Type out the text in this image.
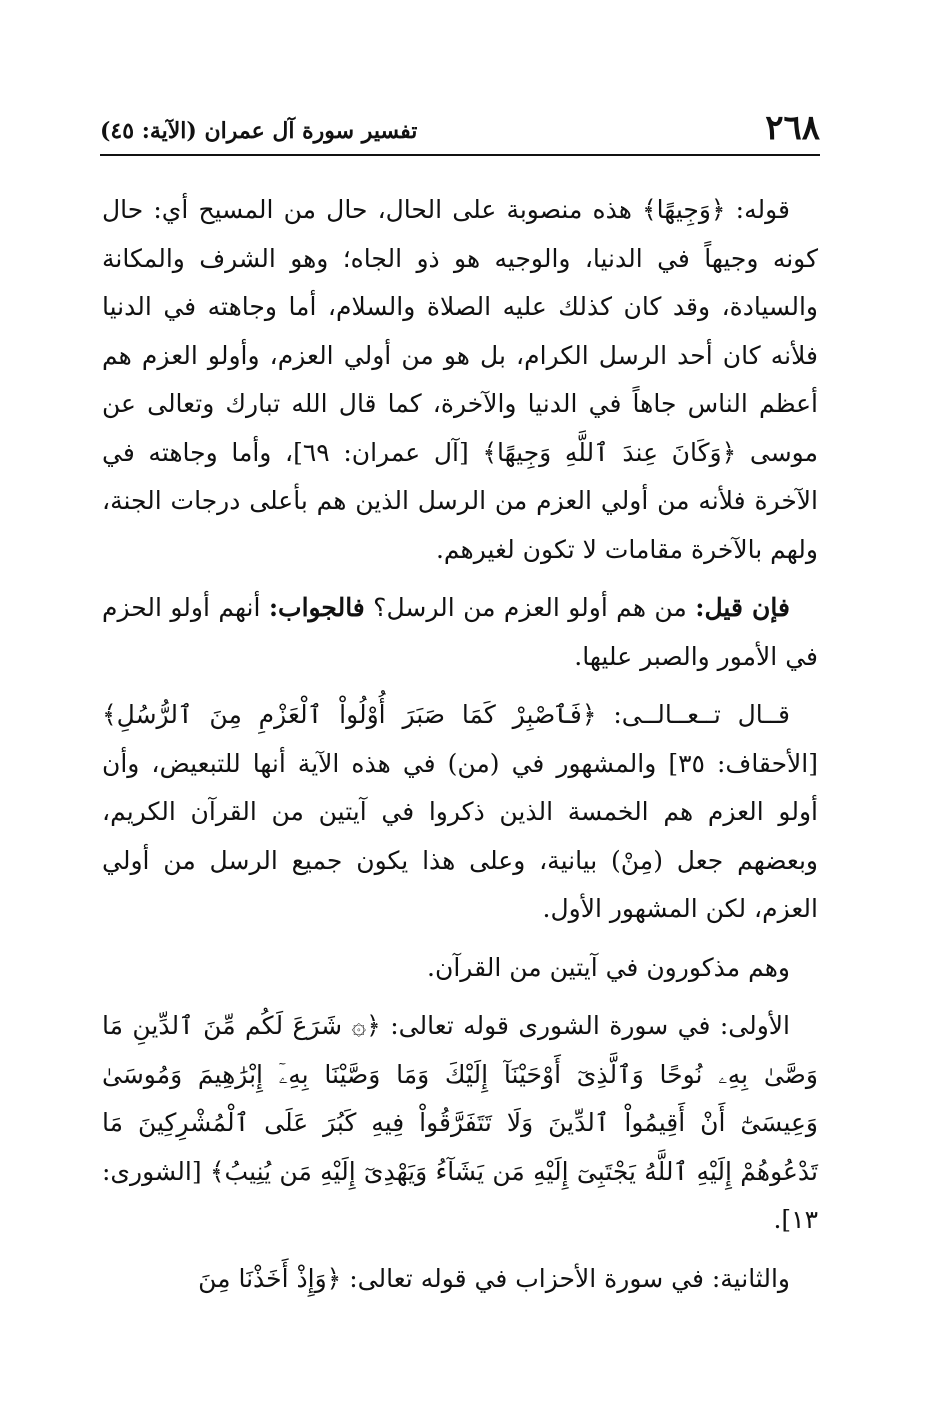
٢٦٨
تفسير سورة آل عمران (الآية: ٤٥)

قوله: ﴿وَجِيهًا﴾ هذه منصوبة على الحال، حال من المسيح أي: حال كونه وجيهاً في الدنيا، والوجيه هو ذو الجاه؛ وهو الشرف والمكانة والسيادة، وقد كان كذلك عليه الصلاة والسلام، أما وجاهته في الدنيا فلأنه كان أحد الرسل الكرام، بل هو من أولي العزم، وأولو العزم هم أعظم الناس جاهاً في الدنيا والآخرة، كما قال الله تبارك وتعالى عن موسى ﴿وَكَانَ عِندَ ٱللَّهِ وَجِيهًا﴾ [آل عمران: ٦٩]، وأما وجاهته في الآخرة فلأنه من أولي العزم من الرسل الذين هم بأعلى درجات الجنة، ولهم بالآخرة مقامات لا تكون لغيرهم.

فإن قيل: من هم أولو العزم من الرسل؟ فالجواب: أنهم أولو الحزم في الأمور والصبر عليها.

قــال تــعــالــى: ﴿فَٱصْبِرْ كَمَا صَبَرَ أُوْلُواْ ٱلْعَزْمِ مِنَ ٱلرُّسُلِ﴾ [الأحقاف: ٣٥] والمشهور في (من) في هذه الآية أنها للتبعيض، وأن أولو العزم هم الخمسة الذين ذكروا في آيتين من القرآن الكريم، وبعضهم جعل (مِنْ) بيانية، وعلى هذا يكون جميع الرسل من أولي العزم، لكن المشهور الأول.

وهم مذكورون في آيتين من القرآن.

الأولى: في سورة الشورى قوله تعالى: ﴿۞ شَرَعَ لَكُم مِّنَ ٱلدِّينِ مَا وَصَّىٰ بِهِۦ نُوحًا وَٱلَّذِىٓ أَوْحَيْنَآ إِلَيْكَ وَمَا وَصَّيْنَا بِهِۦٓ إِبْرَٰهِيمَ وَمُوسَىٰ وَعِيسَىٰٓ أَنْ أَقِيمُواْ ٱلدِّينَ وَلَا تَتَفَرَّقُواْ فِيهِ كَبُرَ عَلَى ٱلْمُشْرِكِينَ مَا تَدْعُوهُمْ إِلَيْهِ ٱللَّهُ يَجْتَبِىٓ إِلَيْهِ مَن يَشَآءُ وَيَهْدِىٓ إِلَيْهِ مَن يُنِيبُ﴾ [الشورى: ١٣].

والثانية: في سورة الأحزاب في قوله تعالى: ﴿وَإِذْ أَخَذْنَا مِنَ
